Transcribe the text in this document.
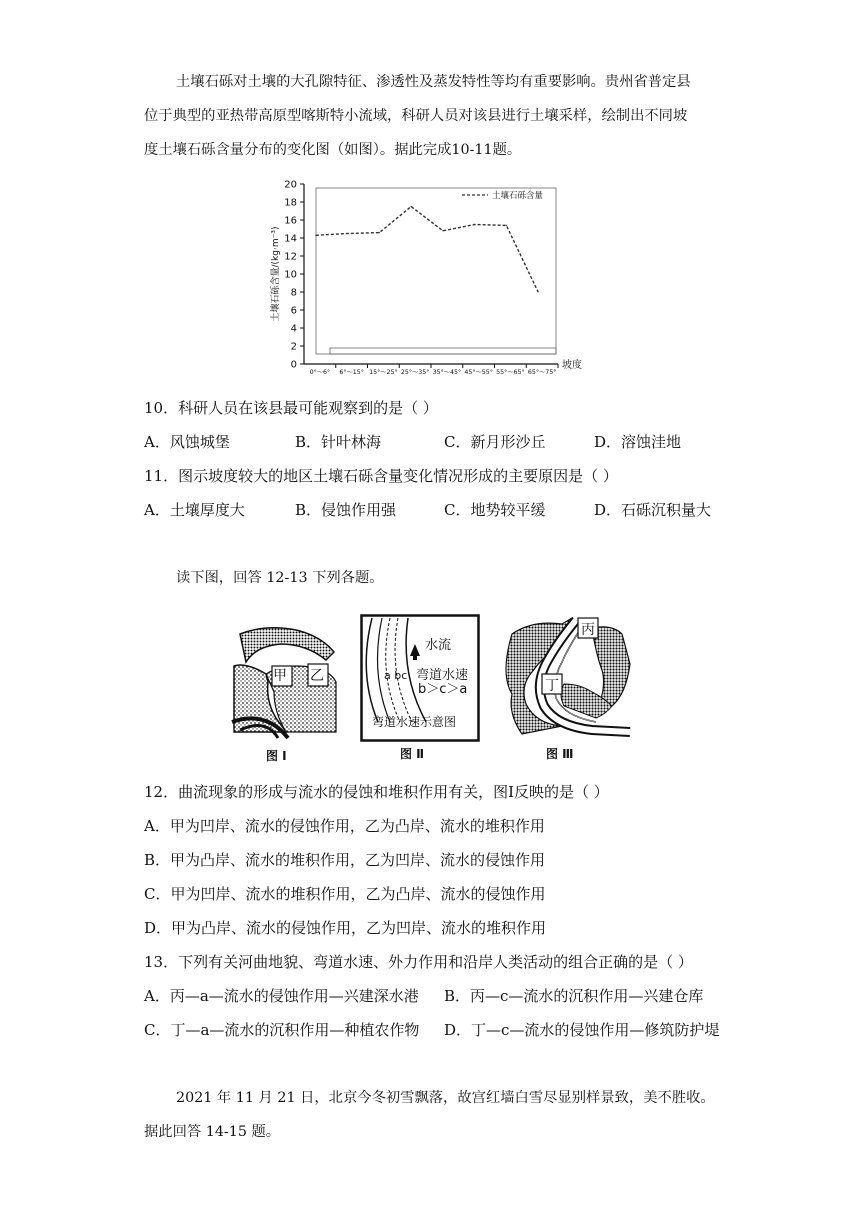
土壤石砾对土壤的大孔隙特征、渗透性及蒸发特性等均有重要影响。贵州省普定县
位于典型的亚热带高原型喀斯特小流域，科研人员对该县进行土壤采样，绘制出不同坡
度土壤石砾含量分布的变化图（如图）。据此完成10-11题。
0
2
4
6
8
10
12
14
16
18
20
0°～6° 6°～15° 15°～25° 25°～35° 35°～45° 45°～55° 55°～65° 65°～75°
坡度
土壤石砾含量/(kg·m⁻³)
土壤石砾含量
10．科研人员在该县最可能观察到的是（ ）
A．风蚀城堡	B．针叶林海	C．新月形沙丘	D．溶蚀洼地
11．图示坡度较大的地区土壤石砾含量变化情况形成的主要原因是（ ）
A．土壤厚度大	B．侵蚀作用强	C．地势较平缓	D．石砾沉积量大
读下图，回答 12-13 下列各题。
甲 乙
图 Ⅰ
水流
a bc 弯道水速
b＞c＞a
弯道水速示意图
图 Ⅱ
丙
丁
图 Ⅲ
12．曲流现象的形成与流水的侵蚀和堆积作用有关，图Ⅰ反映的是（ ）
A．甲为凹岸、流水的侵蚀作用，乙为凸岸、流水的堆积作用
B．甲为凸岸、流水的堆积作用，乙为凹岸、流水的侵蚀作用
C．甲为凹岸、流水的堆积作用，乙为凸岸、流水的侵蚀作用
D．甲为凸岸、流水的侵蚀作用，乙为凹岸、流水的堆积作用
13．下列有关河曲地貌、弯道水速、外力作用和沿岸人类活动的组合正确的是（ ）
A．丙—a—流水的侵蚀作用—兴建深水港 B．丙—c—流水的沉积作用—兴建仓库
C．丁—a—流水的沉积作用—种植农作物 D．丁—c—流水的侵蚀作用—修筑防护堤
2021 年 11 月 21 日，北京今冬初雪飘落，故宫红墙白雪尽显别样景致，美不胜收。
据此回答 14-15 题。
